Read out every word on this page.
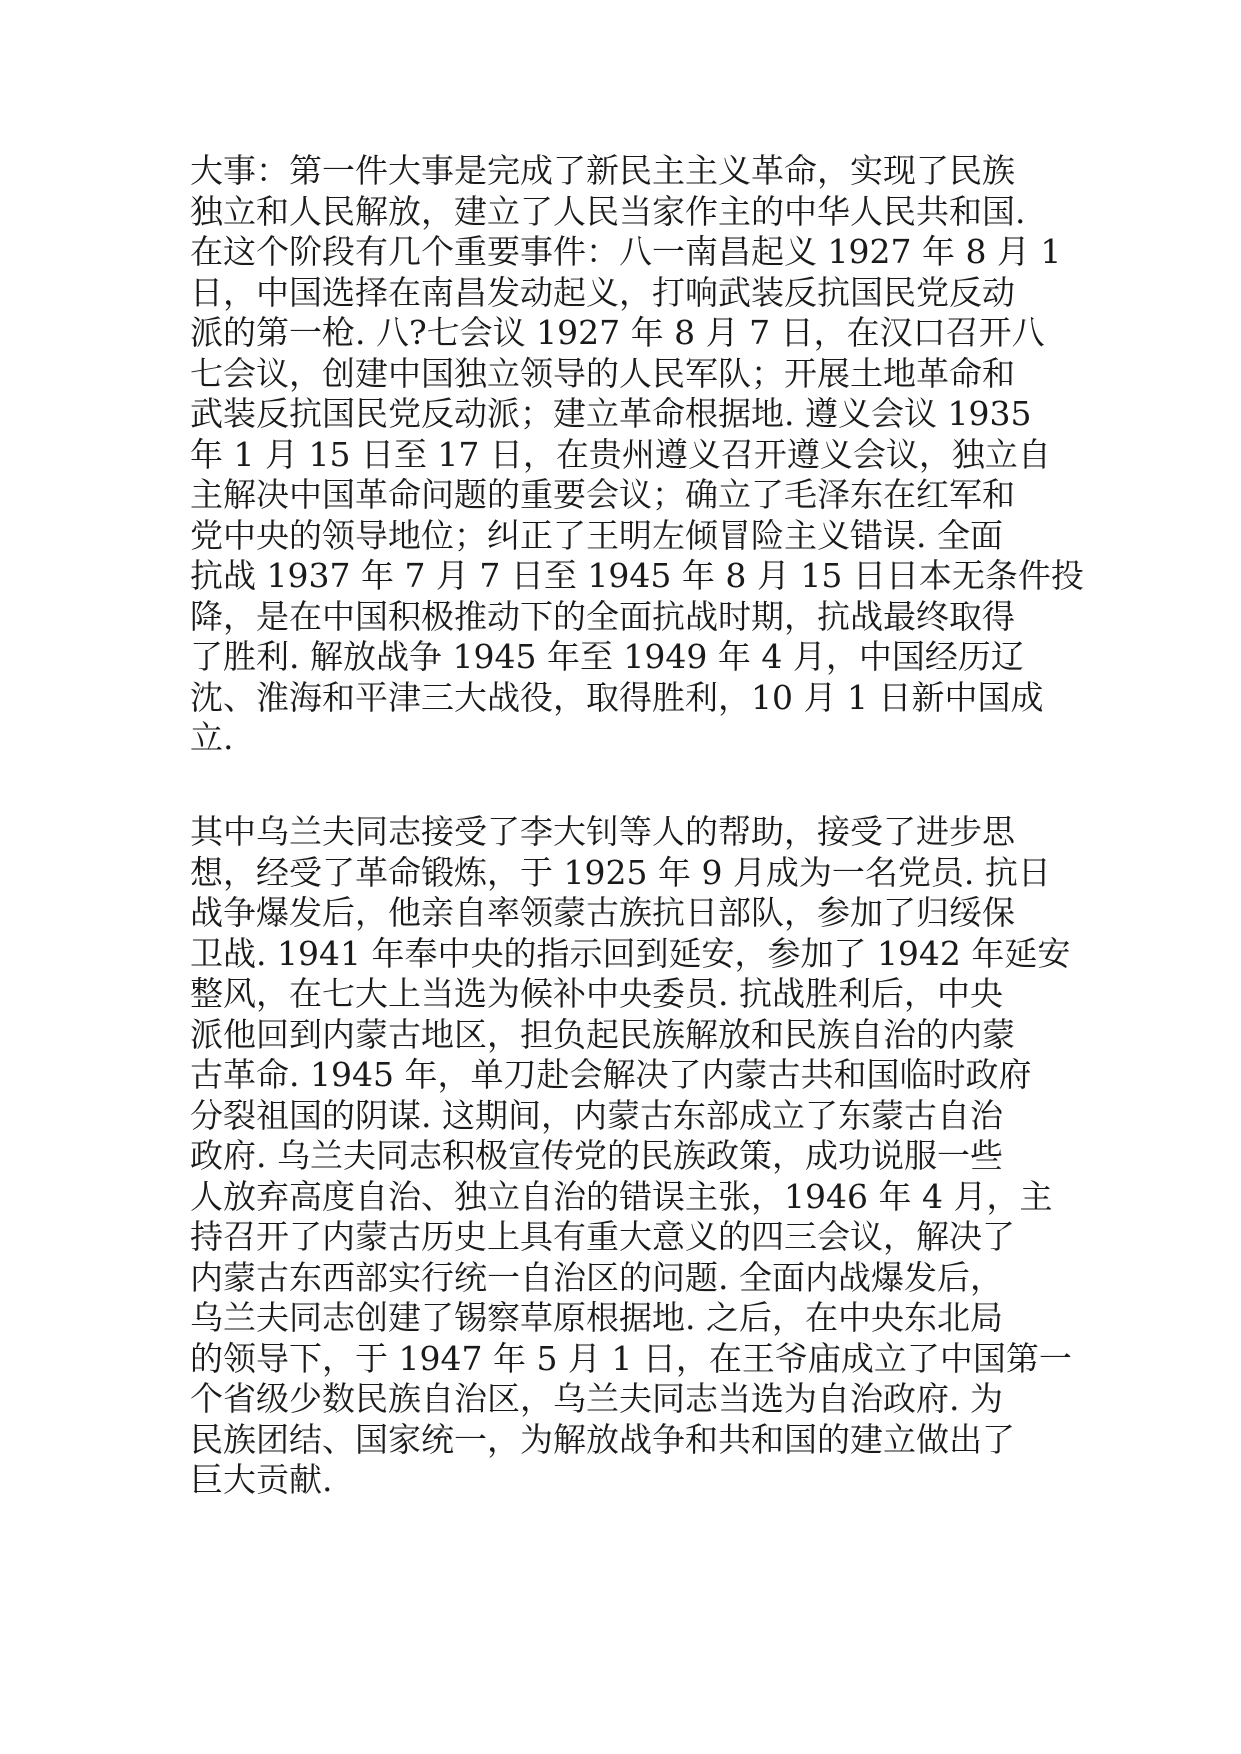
大事：第一件大事是完成了新民主主义革命，实现了民族
独立和人民解放，建立了人民当家作主的中华人民共和国.
在这个阶段有几个重要事件：八一南昌起义 1927 年 8 月 1
日，中国选择在南昌发动起义，打响武装反抗国民党反动
派的第一枪. 八?七会议 1927 年 8 月 7 日，在汉口召开八
七会议，创建中国独立领导的人民军队；开展土地革命和
武装反抗国民党反动派；建立革命根据地. 遵义会议 1935
年 1 月 15 日至 17 日，在贵州遵义召开遵义会议，独立自
主解决中国革命问题的重要会议；确立了毛泽东在红军和
党中央的领导地位；纠正了王明左倾冒险主义错误. 全面
抗战 1937 年 7 月 7 日至 1945 年 8 月 15 日日本无条件投
降，是在中国积极推动下的全面抗战时期，抗战最终取得
了胜利. 解放战争 1945 年至 1949 年 4 月，中国经历辽
沈、淮海和平津三大战役，取得胜利，10 月 1 日新中国成
立.
其中乌兰夫同志接受了李大钊等人的帮助，接受了进步思
想，经受了革命锻炼，于 1925 年 9 月成为一名党员. 抗日
战争爆发后，他亲自率领蒙古族抗日部队，参加了归绥保
卫战. 1941 年奉中央的指示回到延安，参加了 1942 年延安
整风，在七大上当选为候补中央委员. 抗战胜利后，中央
派他回到内蒙古地区，担负起民族解放和民族自治的内蒙
古革命. 1945 年，单刀赴会解决了内蒙古共和国临时政府
分裂祖国的阴谋. 这期间，内蒙古东部成立了东蒙古自治
政府. 乌兰夫同志积极宣传党的民族政策，成功说服一些
人放弃高度自治、独立自治的错误主张，1946 年 4 月，主
持召开了内蒙古历史上具有重大意义的四三会议，解决了
内蒙古东西部实行统一自治区的问题. 全面内战爆发后，
乌兰夫同志创建了锡察草原根据地. 之后，在中央东北局
的领导下，于 1947 年 5 月 1 日，在王爷庙成立了中国第一
个省级少数民族自治区，乌兰夫同志当选为自治政府. 为
民族团结、国家统一，为解放战争和共和国的建立做出了
巨大贡献.
